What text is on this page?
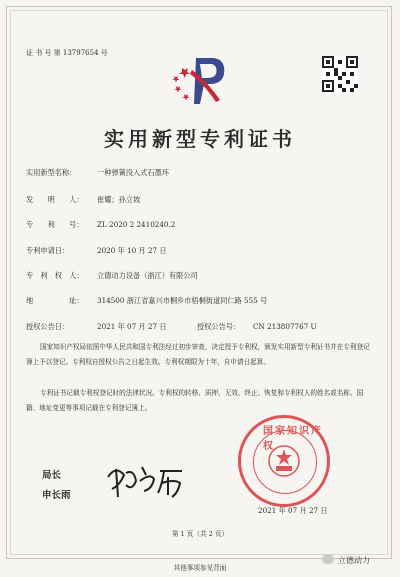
证 书 号 第 13797654 号
实用新型专利证书
实用新型名称：	一种弹簧没入式石墨环
发　　明　　人： 崔耀；孙立坡
专　　利　　号： ZL 2020 2 2410240.2
专利申请日：	2020 年 10 月 27 日
专　利　权　人： 立德动力设备（浙江）有限公司
地　　　　　址： 314500 浙江省嘉兴市桐乡市梧桐街道同仁路 555 号
授权公告日：	2021 年 07 月 27 日	授权公告号： CN 213807767 U
国家知识产权局依照中华人民共和国专利法经过初步审查，决定授予专利权，颁发实用新型专利证书并在专利登记簿上予以登记。专利权自授权公告之日起生效。专利权期限为十年，自申请日起算。
专利证书记载专利权登记时的法律状况。专利权的转移、质押、无效、终止、恢复和专利权人的姓名或名称、国籍、地址变更等事项记载在专利登记簿上。
局长
申长雨
国家知识产权
2021 年 07 月 27 日
第 1 页（共 2 页）
其他事项参见背面
立德动力
